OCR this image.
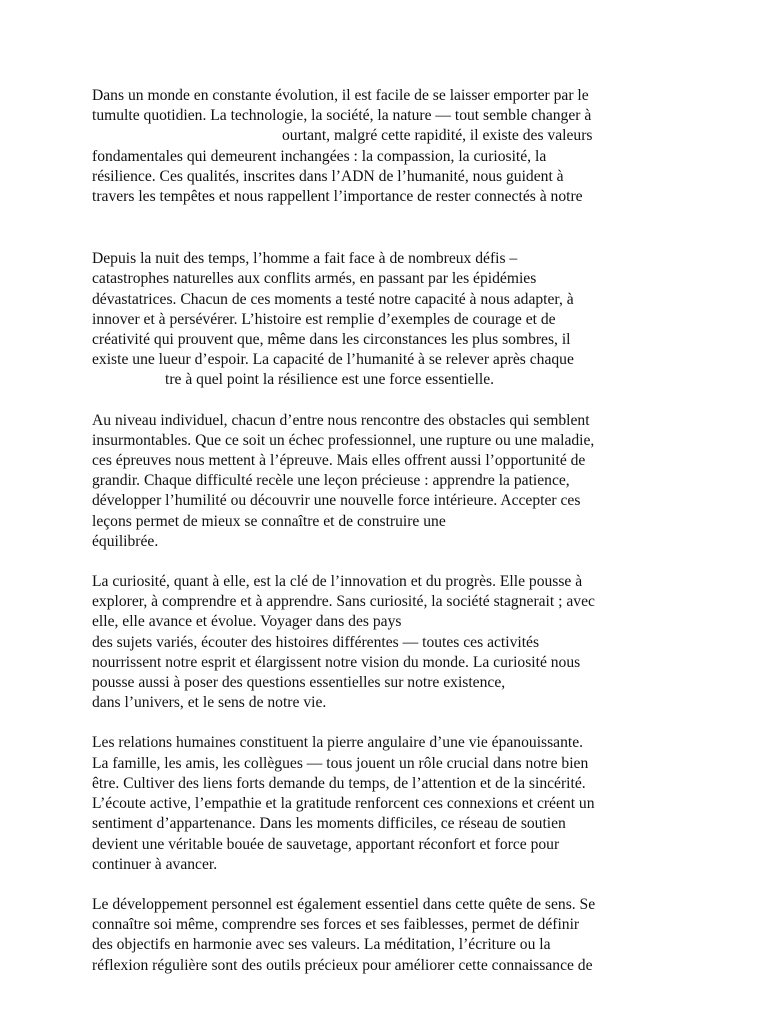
Dans un monde en constante évolution, il est facile de se laisser emporter par le
tumulte quotidien. La technologie, la société, la nature — tout semble changer à
ourtant, malgré cette rapidité, il existe des valeurs
fondamentales qui demeurent inchangées : la compassion, la curiosité, la
résilience. Ces qualités, inscrites dans l’ADN de l’humanité, nous guident à
travers les tempêtes et nous rappellent l’importance de rester connectés à notre
Depuis la nuit des temps, l’homme a fait face à de nombreux défis –
catastrophes naturelles aux conflits armés, en passant par les épidémies
dévastatrices. Chacun de ces moments a testé notre capacité à nous adapter, à
innover et à persévérer. L’histoire est remplie d’exemples de courage et de
créativité qui prouvent que, même dans les circonstances les plus sombres, il
existe une lueur d’espoir. La capacité de l’humanité à se relever après chaque
tre à quel point la résilience est une force essentielle.
Au niveau individuel, chacun d’entre nous rencontre des obstacles qui semblent
insurmontables. Que ce soit un échec professionnel, une rupture ou une maladie,
ces épreuves nous mettent à l’épreuve. Mais elles offrent aussi l’opportunité de
grandir. Chaque difficulté recèle une leçon précieuse : apprendre la patience,
développer l’humilité ou découvrir une nouvelle force intérieure. Accepter ces
leçons permet de mieux se connaître et de construire une
équilibrée.
La curiosité, quant à elle, est la clé de l’innovation et du progrès. Elle pousse à
explorer, à comprendre et à apprendre. Sans curiosité, la société stagnerait ; avec
elle, elle avance et évolue. Voyager dans des pays
des sujets variés, écouter des histoires différentes — toutes ces activités
nourrissent notre esprit et élargissent notre vision du monde. La curiosité nous
pousse aussi à poser des questions essentielles sur notre existence,
dans l’univers, et le sens de notre vie.
Les relations humaines constituent la pierre angulaire d’une vie épanouissante.
La famille, les amis, les collègues — tous jouent un rôle crucial dans notre bien
être. Cultiver des liens forts demande du temps, de l’attention et de la sincérité.
L’écoute active, l’empathie et la gratitude renforcent ces connexions et créent un
sentiment d’appartenance. Dans les moments difficiles, ce réseau de soutien
devient une véritable bouée de sauvetage, apportant réconfort et force pour
continuer à avancer.
Le développement personnel est également essentiel dans cette quête de sens. Se
connaître soi même, comprendre ses forces et ses faiblesses, permet de définir
des objectifs en harmonie avec ses valeurs. La méditation, l’écriture ou la
réflexion régulière sont des outils précieux pour améliorer cette connaissance de
